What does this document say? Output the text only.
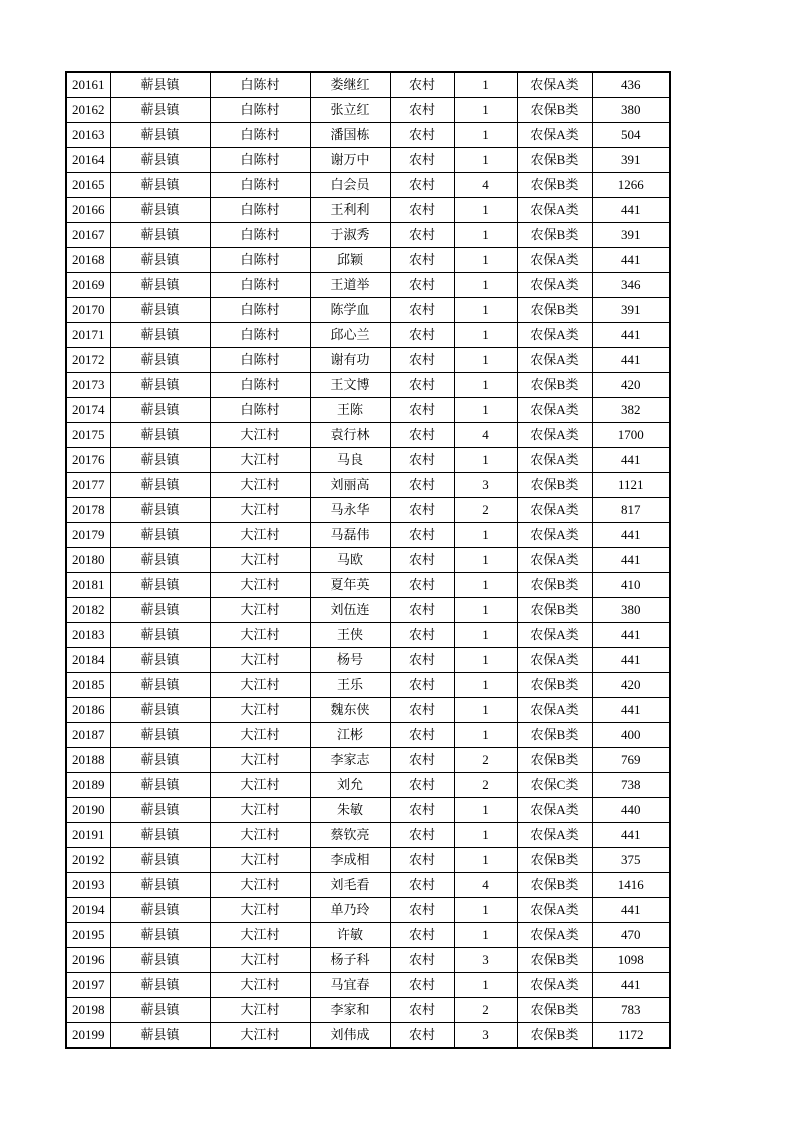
20161	蕲县镇	白陈村	娄继红	农村	1	农保A类	436
20162	蕲县镇	白陈村	张立红	农村	1	农保B类	380
20163	蕲县镇	白陈村	潘国栋	农村	1	农保A类	504
20164	蕲县镇	白陈村	谢万中	农村	1	农保B类	391
20165	蕲县镇	白陈村	白会员	农村	4	农保B类	1266
20166	蕲县镇	白陈村	王利利	农村	1	农保A类	441
20167	蕲县镇	白陈村	于淑秀	农村	1	农保B类	391
20168	蕲县镇	白陈村	邱颖	农村	1	农保A类	441
20169	蕲县镇	白陈村	王道举	农村	1	农保A类	346
20170	蕲县镇	白陈村	陈学血	农村	1	农保B类	391
20171	蕲县镇	白陈村	邱心兰	农村	1	农保A类	441
20172	蕲县镇	白陈村	谢有功	农村	1	农保A类	441
20173	蕲县镇	白陈村	王文博	农村	1	农保B类	420
20174	蕲县镇	白陈村	王陈	农村	1	农保A类	382
20175	蕲县镇	大江村	袁行林	农村	4	农保A类	1700
20176	蕲县镇	大江村	马良	农村	1	农保A类	441
20177	蕲县镇	大江村	刘丽高	农村	3	农保B类	1121
20178	蕲县镇	大江村	马永华	农村	2	农保A类	817
20179	蕲县镇	大江村	马磊伟	农村	1	农保A类	441
20180	蕲县镇	大江村	马欧	农村	1	农保A类	441
20181	蕲县镇	大江村	夏年英	农村	1	农保B类	410
20182	蕲县镇	大江村	刘伍连	农村	1	农保B类	380
20183	蕲县镇	大江村	王侠	农村	1	农保A类	441
20184	蕲县镇	大江村	杨号	农村	1	农保A类	441
20185	蕲县镇	大江村	王乐	农村	1	农保B类	420
20186	蕲县镇	大江村	魏东侠	农村	1	农保A类	441
20187	蕲县镇	大江村	江彬	农村	1	农保B类	400
20188	蕲县镇	大江村	李家志	农村	2	农保B类	769
20189	蕲县镇	大江村	刘允	农村	2	农保C类	738
20190	蕲县镇	大江村	朱敏	农村	1	农保A类	440
20191	蕲县镇	大江村	蔡钦亮	农村	1	农保A类	441
20192	蕲县镇	大江村	李成相	农村	1	农保B类	375
20193	蕲县镇	大江村	刘毛看	农村	4	农保B类	1416
20194	蕲县镇	大江村	单乃玲	农村	1	农保A类	441
20195	蕲县镇	大江村	许敏	农村	1	农保A类	470
20196	蕲县镇	大江村	杨子科	农村	3	农保B类	1098
20197	蕲县镇	大江村	马宜春	农村	1	农保A类	441
20198	蕲县镇	大江村	李家和	农村	2	农保B类	783
20199	蕲县镇	大江村	刘伟成	农村	3	农保B类	1172
